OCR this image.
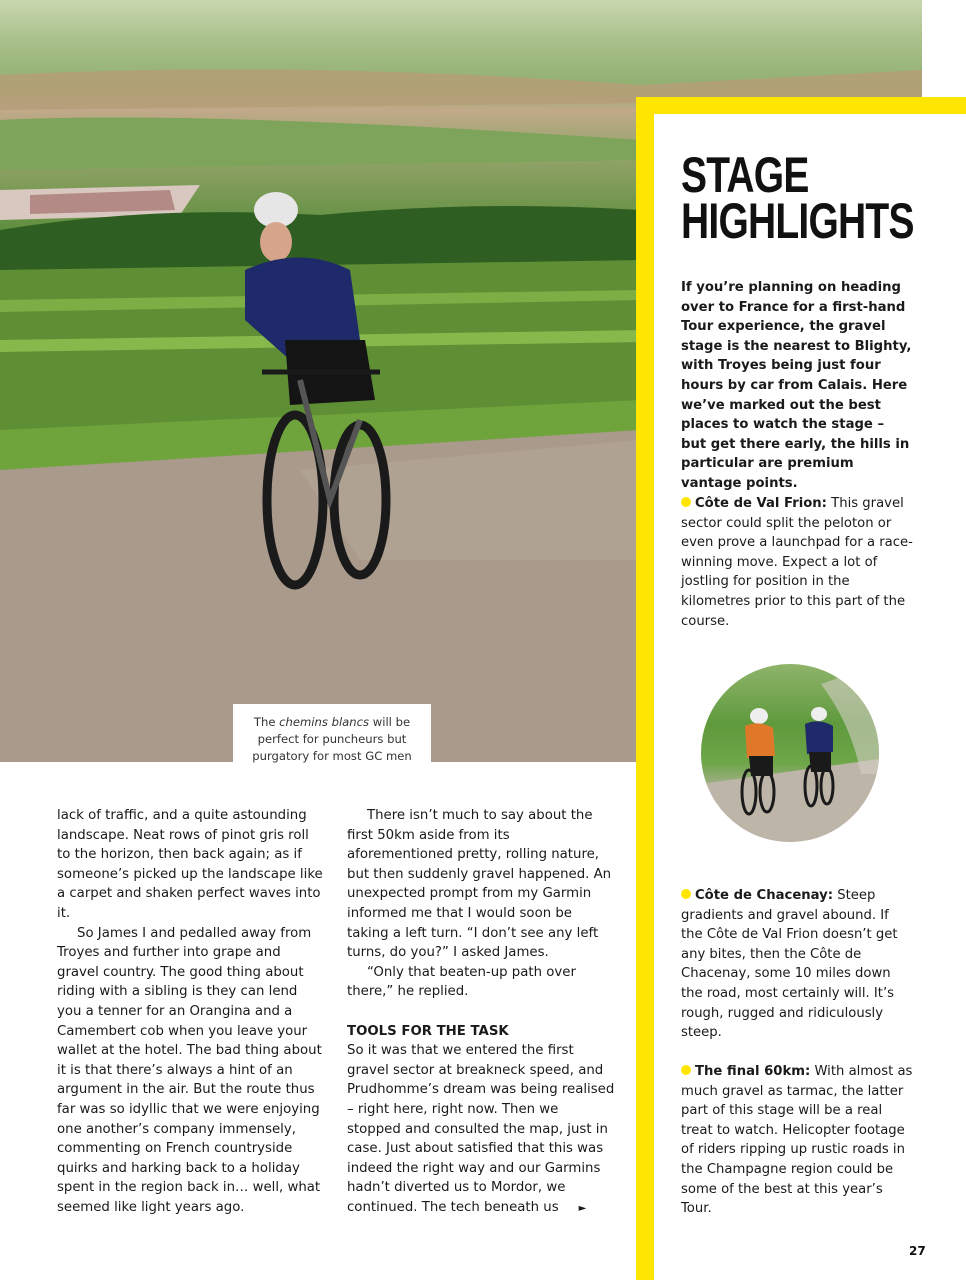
The chemins blancs will be perfect for puncheurs but purgatory for most GC men
STAGE
HIGHLIGHTS
If you’re planning on heading over to France for a first-hand Tour experience, the gravel stage is the nearest to Blighty, with Troyes being just four hours by car from Calais. Here we’ve marked out the best places to watch the stage – but get there early, the hills in particular are premium vantage points.
Côte de Val Frion: This gravel sector could split the peloton or even prove a launchpad for a race-winning move. Expect a lot of jostling for position in the kilometres prior to this part of the course.
Côte de Chacenay: Steep gradients and gravel abound. If the Côte de Val Frion doesn’t get any bites, then the Côte de Chacenay, some 10 miles down the road, most certainly will. It’s rough, rugged and ridiculously steep.
The final 60km: With almost as much gravel as tarmac, the latter part of this stage will be a real treat to watch. Helicopter footage of riders ripping up rustic roads in the Champagne region could be some of the best at this year’s Tour.

lack of traffic, and a quite astounding landscape. Neat rows of pinot gris roll to the horizon, then back again; as if someone’s picked up the landscape like a carpet and shaken perfect waves into it.

So James I and pedalled away from Troyes and further into grape and gravel country. The good thing about riding with a sibling is they can lend you a tenner for an Orangina and a Camembert cob when you leave your wallet at the hotel. The bad thing about it is that there’s always a hint of an argument in the air. But the route thus far was so idyllic that we were enjoying one another’s company immensely, commenting on French countryside quirks and harking back to a holiday spent in the region back in… well, what seemed like light years ago.

There isn’t much to say about the first 50km aside from its aforementioned pretty, rolling nature, but then suddenly gravel happened. An unexpected prompt from my Garmin informed me that I would soon be taking a left turn. “I don’t see any left turns, do you?” I asked James.

“Only that beaten-up path over there,” he replied.

TOOLS FOR THE TASK

So it was that we entered the first gravel sector at breakneck speed, and Prudhomme’s dream was being realised – right here, right now. Then we stopped and consulted the map, just in case. Just about satisfied that this was indeed the right way and our Garmins hadn’t diverted us to Mordor, we continued. The tech beneath us ►

27
